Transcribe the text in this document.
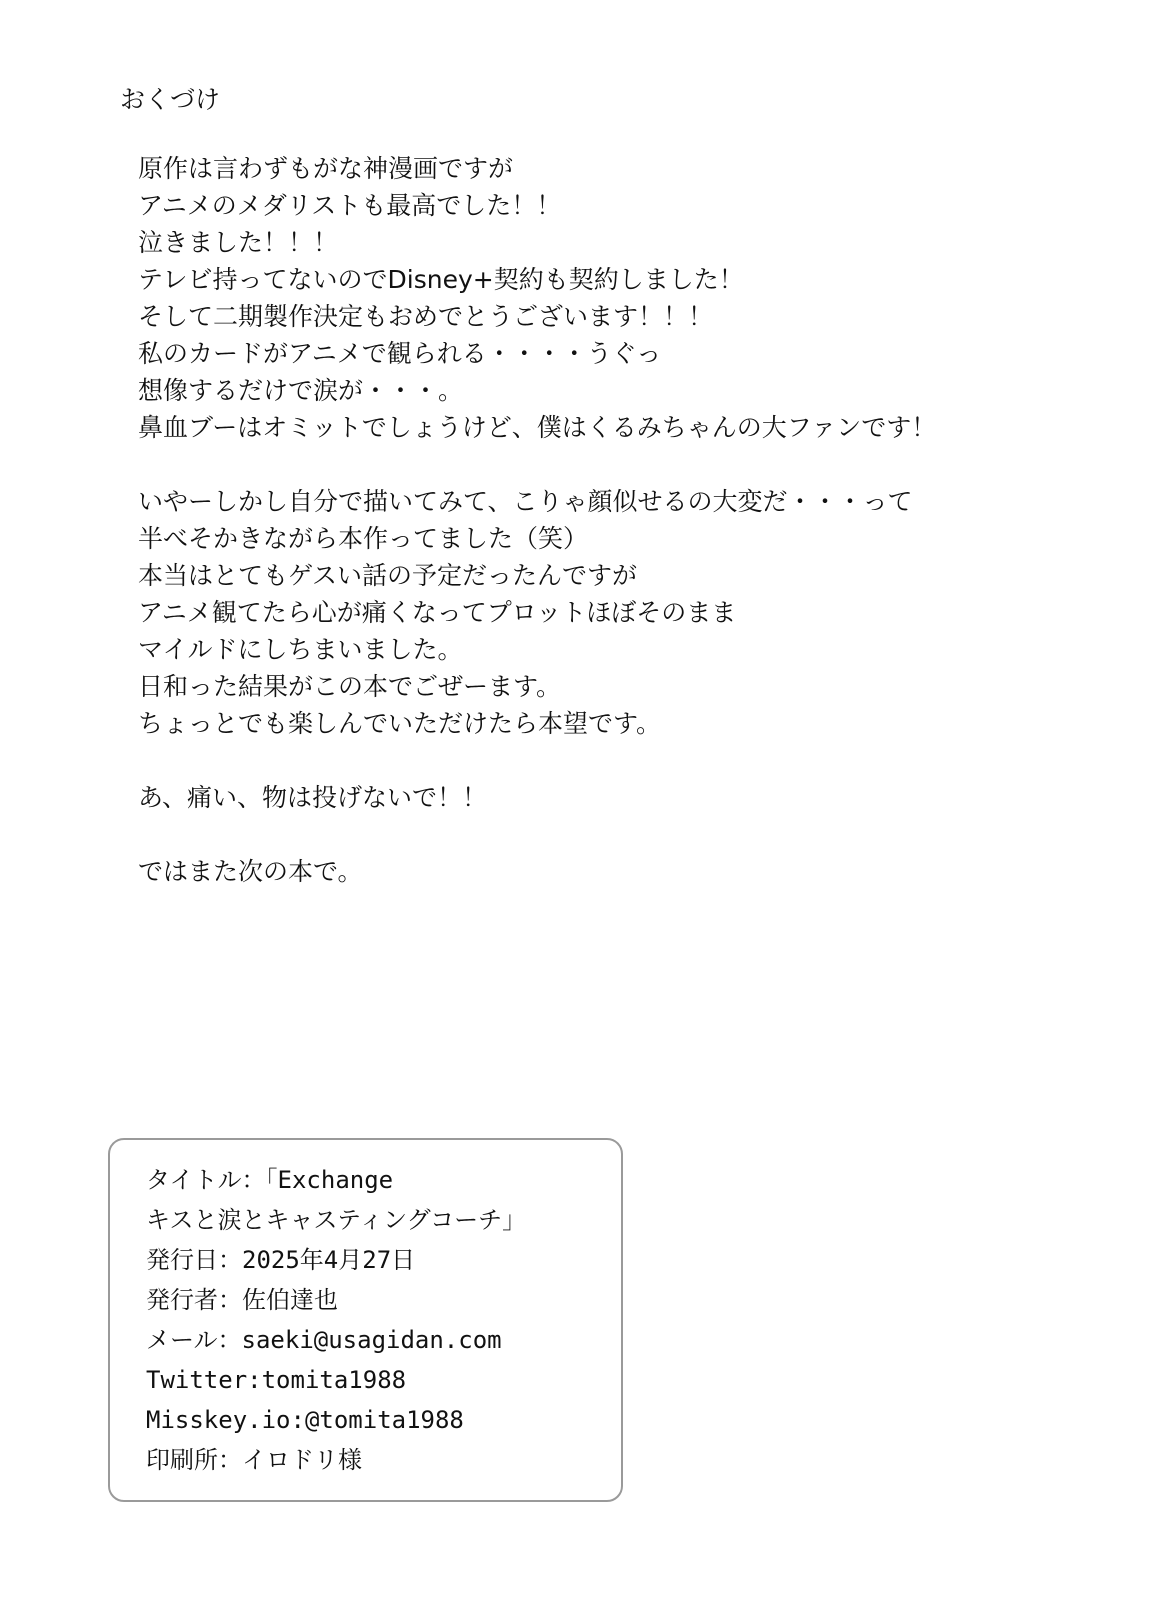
おくづけ
原作は言わずもがな神漫画ですが
アニメのメダリストも最高でした！！
泣きました！！！
テレビ持ってないのでDisney+契約も契約しました！
そして二期製作決定もおめでとうございます！！！
私のカードがアニメで観られる・・・・うぐっ
想像するだけで涙が・・・。
鼻血ブーはオミットでしょうけど、僕はくるみちゃんの大ファンです！
いやーしかし自分で描いてみて、こりゃ顔似せるの大変だ・・・って
半べそかきながら本作ってました（笑）
本当はとてもゲスい話の予定だったんですが
アニメ観てたら心が痛くなってプロットほぼそのまま
マイルドにしちまいました。
日和った結果がこの本でごぜーます。
ちょっとでも楽しんでいただけたら本望です。
あ、痛い、物は投げないで！！
ではまた次の本で。
タイトル：「Exchange
キスと涙とキャスティングコーチ」
発行日：2025年4月27日
発行者：佐伯達也
メール：saeki@usagidan.com
Twitter:tomita1988
Misskey.io:@tomita1988
印刷所：イロドリ様
